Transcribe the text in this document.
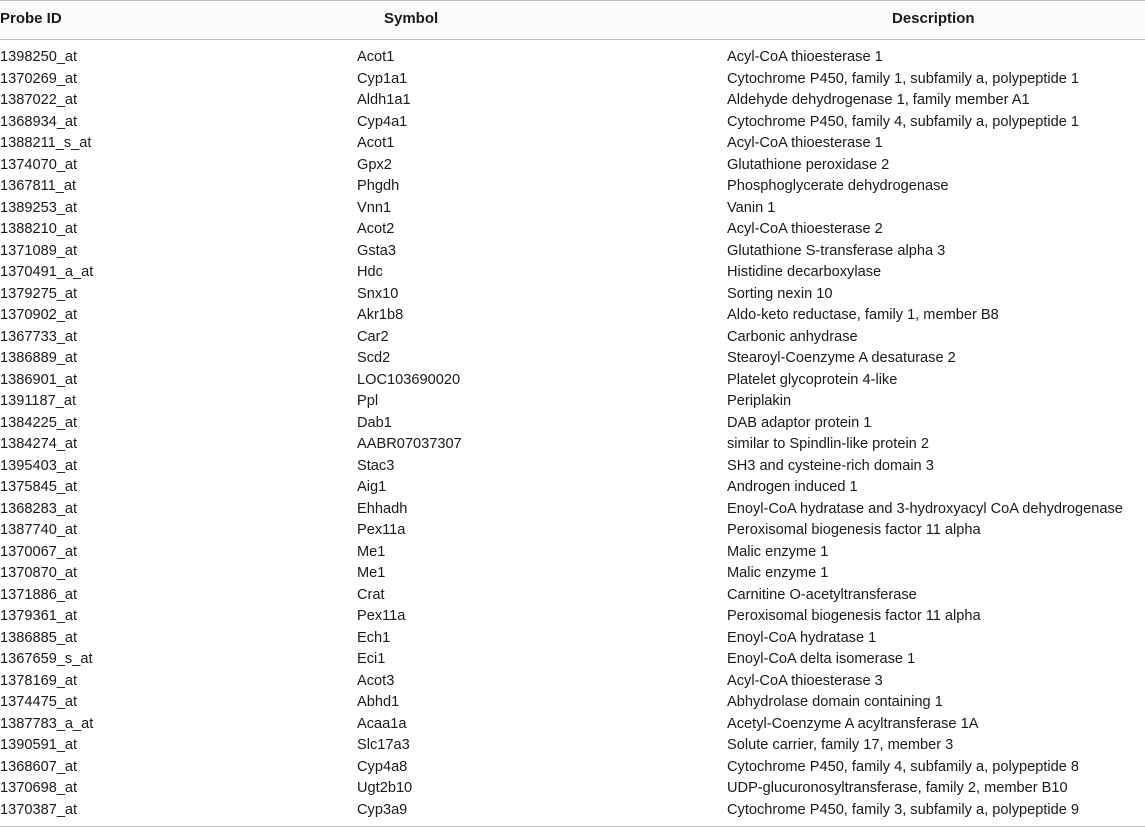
Probe ID	Symbol	Description
1398250_at	Acot1	Acyl-CoA thioesterase 1
1370269_at	Cyp1a1	Cytochrome P450, family 1, subfamily a, polypeptide 1
1387022_at	Aldh1a1	Aldehyde dehydrogenase 1, family member A1
1368934_at	Cyp4a1	Cytochrome P450, family 4, subfamily a, polypeptide 1
1388211_s_at	Acot1	Acyl-CoA thioesterase 1
1374070_at	Gpx2	Glutathione peroxidase 2
1367811_at	Phgdh	Phosphoglycerate dehydrogenase
1389253_at	Vnn1	Vanin 1
1388210_at	Acot2	Acyl-CoA thioesterase 2
1371089_at	Gsta3	Glutathione S-transferase alpha 3
1370491_a_at	Hdc	Histidine decarboxylase
1379275_at	Snx10	Sorting nexin 10
1370902_at	Akr1b8	Aldo-keto reductase, family 1, member B8
1367733_at	Car2	Carbonic anhydrase
1386889_at	Scd2	Stearoyl-Coenzyme A desaturase 2
1386901_at	LOC103690020	Platelet glycoprotein 4-like
1391187_at	Ppl	Periplakin
1384225_at	Dab1	DAB adaptor protein 1
1384274_at	AABR07037307	similar to Spindlin-like protein 2
1395403_at	Stac3	SH3 and cysteine-rich domain 3
1375845_at	Aig1	Androgen induced 1
1368283_at	Ehhadh	Enoyl-CoA hydratase and 3-hydroxyacyl CoA dehydrogenase
1387740_at	Pex11a	Peroxisomal biogenesis factor 11 alpha
1370067_at	Me1	Malic enzyme 1
1370870_at	Me1	Malic enzyme 1
1371886_at	Crat	Carnitine O-acetyltransferase
1379361_at	Pex11a	Peroxisomal biogenesis factor 11 alpha
1386885_at	Ech1	Enoyl-CoA hydratase 1
1367659_s_at	Eci1	Enoyl-CoA delta isomerase 1
1378169_at	Acot3	Acyl-CoA thioesterase 3
1374475_at	Abhd1	Abhydrolase domain containing 1
1387783_a_at	Acaa1a	Acetyl-Coenzyme A acyltransferase 1A
1390591_at	Slc17a3	Solute carrier, family 17, member 3
1368607_at	Cyp4a8	Cytochrome P450, family 4, subfamily a, polypeptide 8
1370698_at	Ugt2b10	UDP-glucuronosyltransferase, family 2, member B10
1370387_at	Cyp3a9	Cytochrome P450, family 3, subfamily a, polypeptide 9
